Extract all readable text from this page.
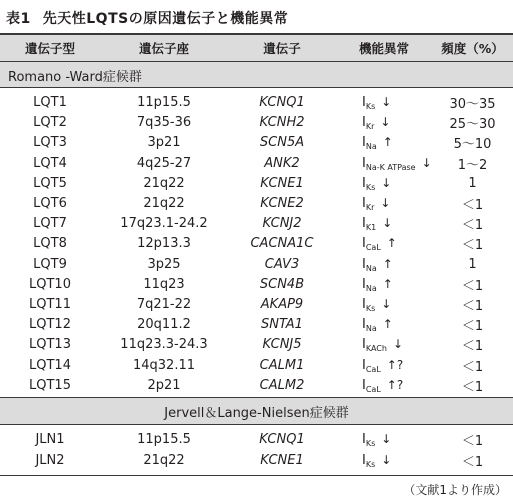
表1 先天性LQTSの原因遺伝子と機能異常
遺伝子型	遺伝子座	遺伝子	機能異常	頻度（%）
Romano -Ward症候群
LQT1	11p15.5	KCNQ1	I Ks ↓	30～35
LQT2	7q35-36	KCNH2	I Kr ↓	25～30
LQT3	3p21	SCN5A	I Na ↑	5～10
LQT4	4q25-27	ANK2	I Na-K ATPase ↓	1～2
LQT5	21q22	KCNE1	I Ks ↓	1
LQT6	21q22	KCNE2	I Kr ↓	＜1
LQT7	17q23.1-24.2	KCNJ2	I K1 ↓	＜1
LQT8	12p13.3	CACNA1C	I CaL ↑	＜1
LQT9	3p25	CAV3	I Na ↑	1
LQT10	11q23	SCN4B	I Na ↑	＜1
LQT11	7q21-22	AKAP9	I Ks ↓	＜1
LQT12	20q11.2	SNTA1	I Na ↑	＜1
LQT13	11q23.3-24.3	KCNJ5	I KACh ↓	＜1
LQT14	14q32.11	CALM1	I CaL ↑?	＜1
LQT15	2p21	CALM2	I CaL ↑?	＜1
Jervell＆Lange-Nielsen症候群
JLN1	11p15.5	KCNQ1	I Ks ↓	＜1
JLN2	21q22	KCNE1	I Ks ↓	＜1
（文献1より作成）
